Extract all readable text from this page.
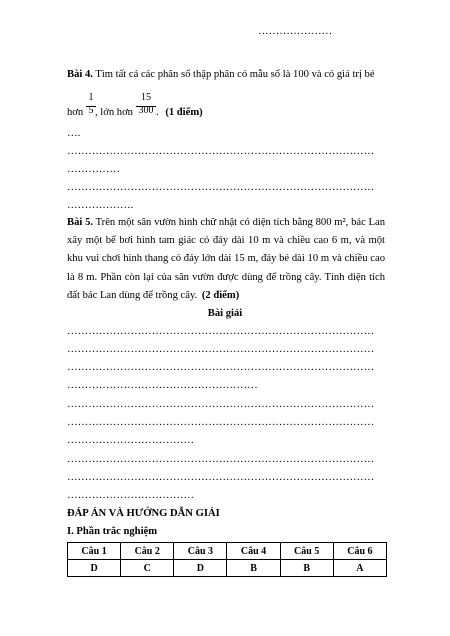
…………………
Bài 4. Tìm tất cả các phân số thập phân có mẫu số là 100 và có giá trị bé
hơn
1
5 , lớn hơn
15
300 . (1 điểm)
….
……………………………………………………………………………
……………
……………………………………………………………………………
……………….
Bài 5. Trên một sân vườn hình chữ nhật có diện tích bằng 800 m², bác Lan xây một bể bơi hình tam giác có đáy dài 10 m và chiều cao 6 m, và một khu vui chơi hình thang có đáy lớn dài 15 m, đáy bé dài 10 m và chiều cao là 8 m. Phần còn lại của sân vườn được dùng để trồng cây. Tính diện tích đất bác Lan dùng để trồng cây. (2 điểm)
Bài giải
……………………………………………………………………………
……………………………………………………………………………
……………………………………………………………………………
………………………………………………
……………………………………………………………………………
……………………………………………………………………………
………………………………
……………………………………………………………………………
……………………………………………………………………………
………………………………
ĐÁP ÁN VÀ HƯỚNG DẪN GIẢI
I. Phần trắc nghiệm
Câu 1	Câu 2	Câu 3	Câu 4	Câu 5	Câu 6
D	C	D	B	B	A
